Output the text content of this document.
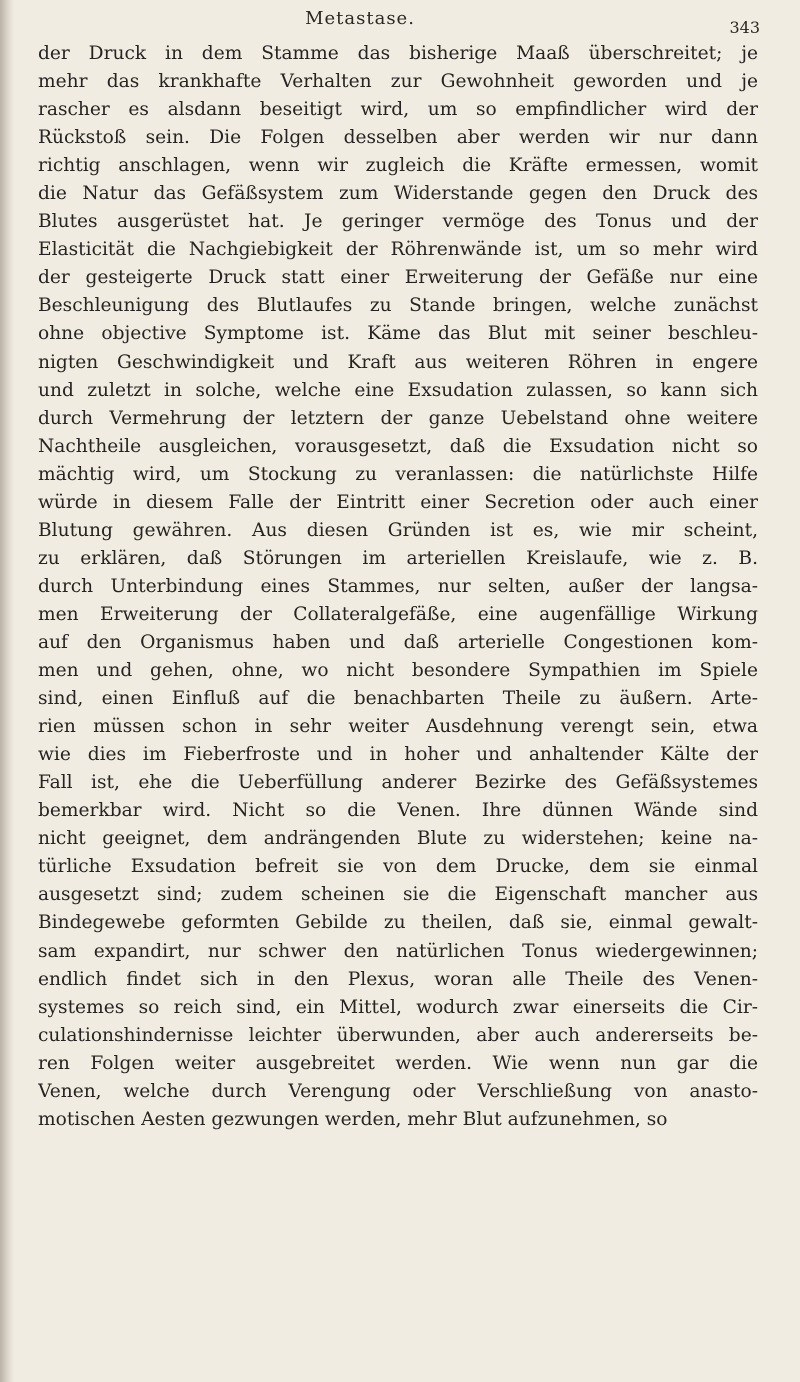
Metastase.	343
der Druck in dem Stamme das bisherige Maaß überschreitet; je
mehr das krankhafte Verhalten zur Gewohnheit geworden und je
rascher es alsdann beseitigt wird, um so empfindlicher wird der
Rückstoß sein. Die Folgen desselben aber werden wir nur dann
richtig anschlagen, wenn wir zugleich die Kräfte ermessen, womit
die Natur das Gefäßsystem zum Widerstande gegen den Druck des
Blutes ausgerüstet hat. Je geringer vermöge des Tonus und der
Elasticität die Nachgiebigkeit der Röhrenwände ist, um so mehr wird
der gesteigerte Druck statt einer Erweiterung der Gefäße nur eine
Beschleunigung des Blutlaufes zu Stande bringen, welche zunächst
ohne objective Symptome ist. Käme das Blut mit seiner beschleu-
nigten Geschwindigkeit und Kraft aus weiteren Röhren in engere
und zuletzt in solche, welche eine Exsudation zulassen, so kann sich
durch Vermehrung der letztern der ganze Uebelstand ohne weitere
Nachtheile ausgleichen, vorausgesetzt, daß die Exsudation nicht so
mächtig wird, um Stockung zu veranlassen: die natürlichste Hilfe
würde in diesem Falle der Eintritt einer Secretion oder auch einer
Blutung gewähren. Aus diesen Gründen ist es, wie mir scheint,
zu erklären, daß Störungen im arteriellen Kreislaufe, wie z. B.
durch Unterbindung eines Stammes, nur selten, außer der langsa-
men Erweiterung der Collateralgefäße, eine augenfällige Wirkung
auf den Organismus haben und daß arterielle Congestionen kom-
men und gehen, ohne, wo nicht besondere Sympathien im Spiele
sind, einen Einfluß auf die benachbarten Theile zu äußern. Arte-
rien müssen schon in sehr weiter Ausdehnung verengt sein, etwa
wie dies im Fieberfroste und in hoher und anhaltender Kälte der
Fall ist, ehe die Ueberfüllung anderer Bezirke des Gefäßsystemes
bemerkbar wird. Nicht so die Venen. Ihre dünnen Wände sind
nicht geeignet, dem andrängenden Blute zu widerstehen; keine na-
türliche Exsudation befreit sie von dem Drucke, dem sie einmal
ausgesetzt sind; zudem scheinen sie die Eigenschaft mancher aus
Bindegewebe geformten Gebilde zu theilen, daß sie, einmal gewalt-
sam expandirt, nur schwer den natürlichen Tonus wiedergewinnen;
endlich findet sich in den Plexus, woran alle Theile des Venen-
systemes so reich sind, ein Mittel, wodurch zwar einerseits die Cir-
culationshindernisse leichter überwunden, aber auch andererseits be-
ren Folgen weiter ausgebreitet werden. Wie wenn nun gar die
Venen, welche durch Verengung oder Verschließung von anasto-
motischen Aesten gezwungen werden, mehr Blut aufzunehmen, so
